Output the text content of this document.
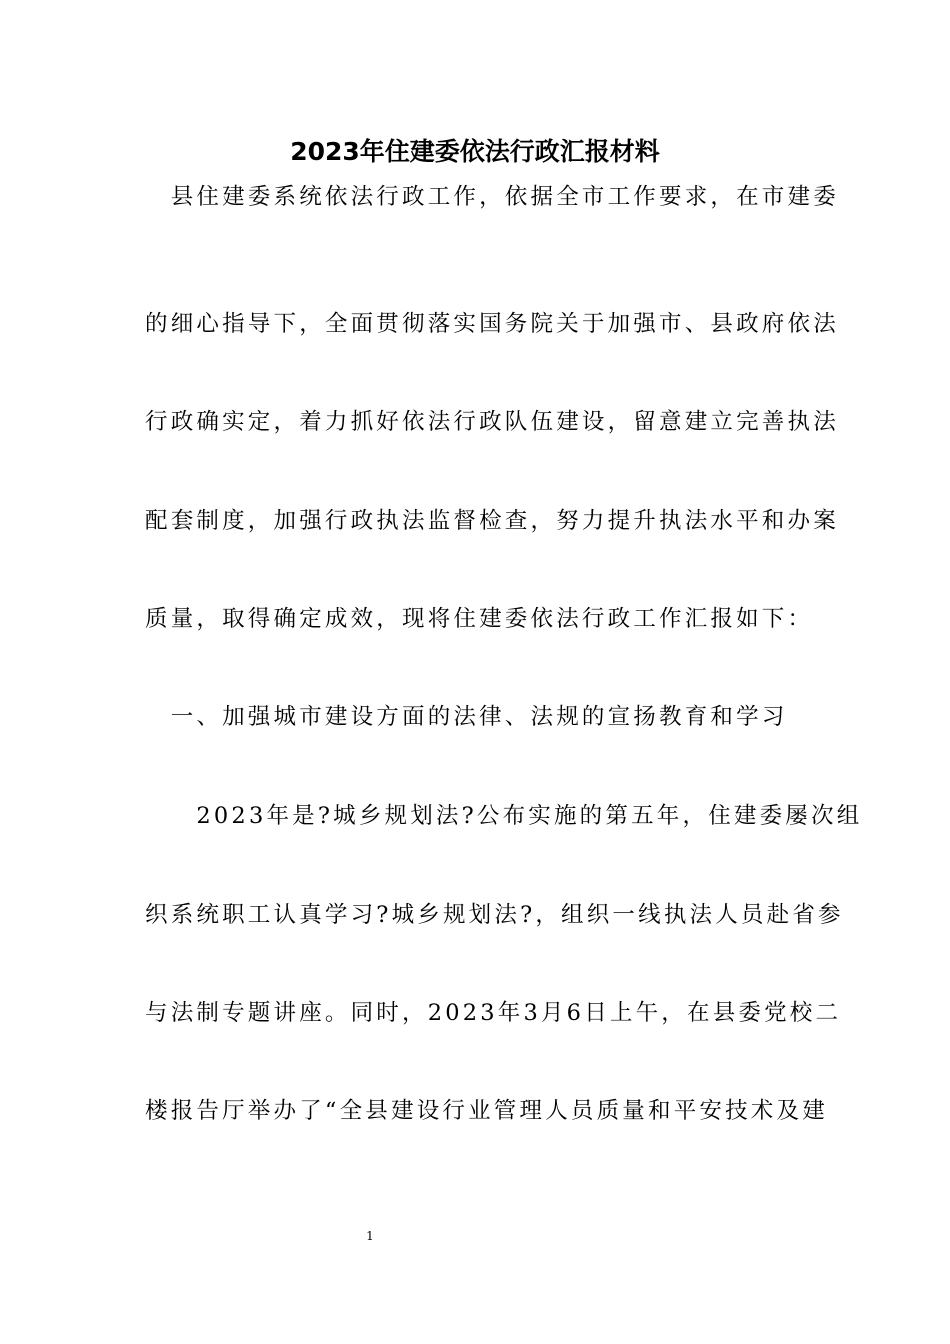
2023年住建委依法行政汇报材料
　县住建委系统依法行政工作，依据全市工作要求，在市建委
的细心指导下，全面贯彻落实国务院关于加强市、县政府依法
行政确实定，着力抓好依法行政队伍建设，留意建立完善执法
配套制度，加强行政执法监督检查，努力提升执法水平和办案
质量，取得确定成效，现将住建委依法行政工作汇报如下：
　一、加强城市建设方面的法律、法规的宣扬教育和学习
　　2023年是?城乡规划法?公布实施的第五年，住建委屡次组
织系统职工认真学习?城乡规划法?，组织一线执法人员赴省参
与法制专题讲座。同时，2023年3月6日上午，在县委党校二
楼报告厅举办了“全县建设行业管理人员质量和平安技术及建
1
